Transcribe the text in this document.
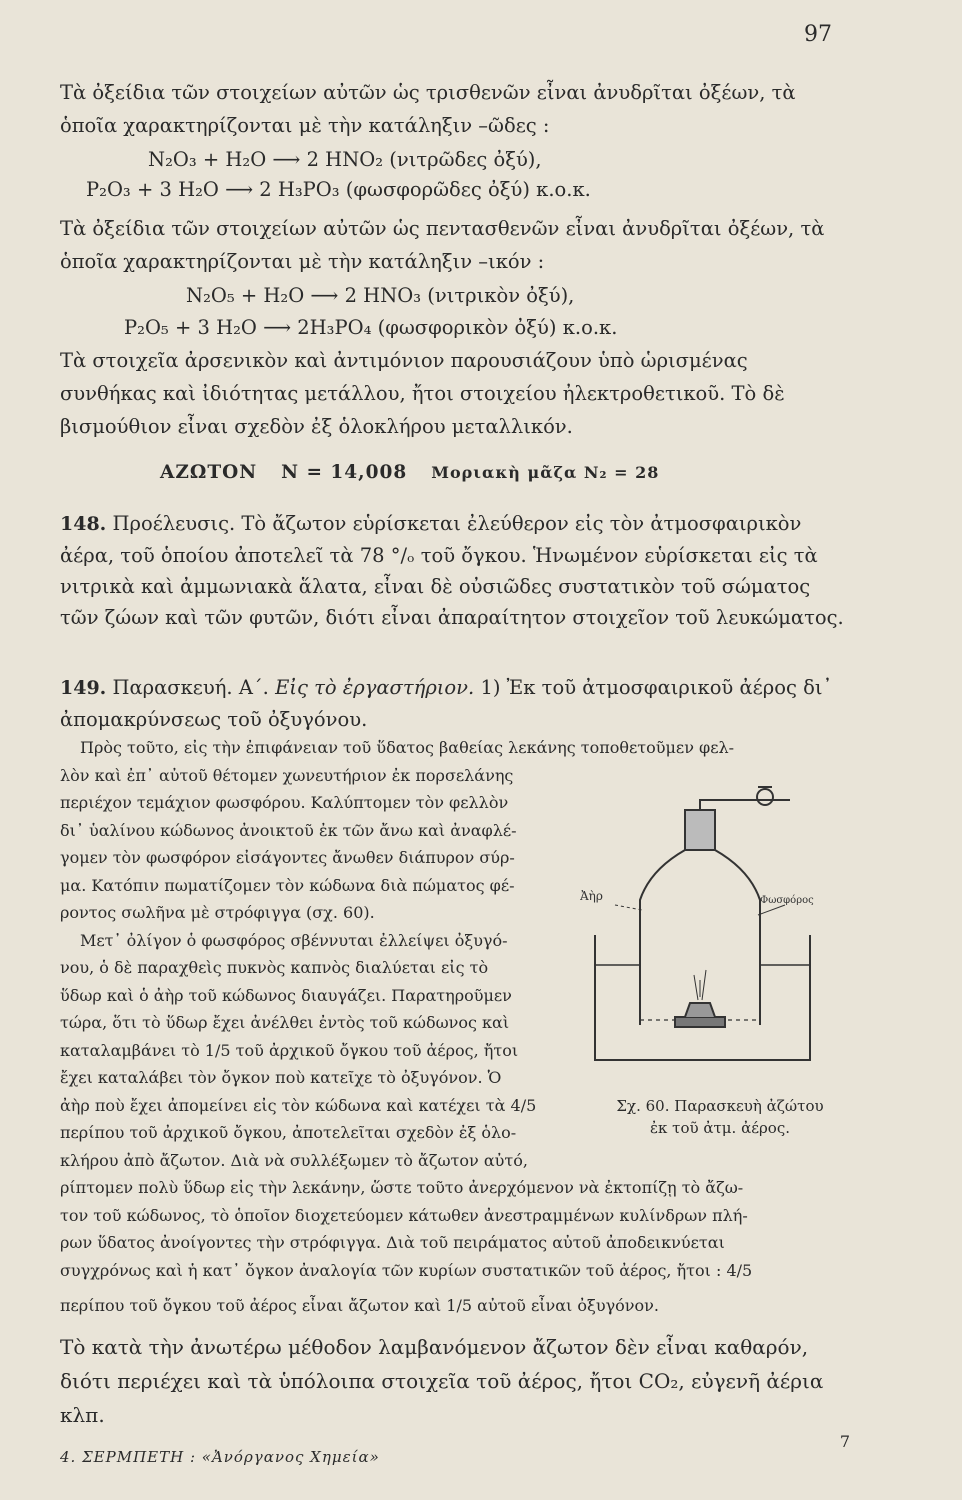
97

Τὰ ὀξείδια τῶν στοιχείων αὐτῶν ὡς τρισθενῶν εἶναι ἀνυδρῖται ὀξέων, τὰ ὁποῖα χαρακτηρίζονται μὲ τὴν κατάληξιν –ῶδες :

N₂O₃ + H₂O ⟶ 2 HNO₂ (νιτρῶδες ὀξύ),

P₂O₃ + 3 H₂O ⟶ 2 H₃PO₃ (φωσφορῶδες ὀξύ) κ.ο.κ.

Τὰ ὀξείδια τῶν στοιχείων αὐτῶν ὡς πεντασθενῶν εἶναι ἀνυδρῖται ὀξέων, τὰ ὁποῖα χαρακτηρίζονται μὲ τὴν κατάληξιν –ικόν :

N₂O₅ + H₂O ⟶ 2 HNO₃ (νιτρικὸν ὀξύ),

P₂O₅ + 3 H₂O ⟶ 2H₃PO₄ (φωσφορικὸν ὀξύ) κ.ο.κ.

Τὰ στοιχεῖα ἀρσενικὸν καὶ ἀντιμόνιον παρουσιάζουν ὑπὸ ὡρισμένας συνθήκας καὶ ἰδιότητας μετάλλου, ἤτοι στοιχείου ἠλεκτροθετικοῦ. Τὸ δὲ βισμούθιον εἶναι σχεδὸν ἐξ ὁλοκλήρου μεταλλικόν.

ΑΖΩΤΟΝ N = 14,008 Μοριακὴ μᾶζα N₂ = 28

148. Προέλευσις. Τὸ ἄζωτον εὑρίσκεται ἐλεύθερον εἰς τὸν ἀτμοσφαιρικὸν ἀέρα, τοῦ ὁποίου ἀποτελεῖ τὰ 78 °/ₒ τοῦ ὄγκου. Ἡνωμένον εὑρίσκεται εἰς τὰ νιτρικὰ καὶ ἀμμωνιακὰ ἅλατα, εἶναι δὲ οὐσιῶδες συστατικὸν τοῦ σώματος τῶν ζώων καὶ τῶν φυτῶν, διότι εἶναι ἀπαραίτητον στοιχεῖον τοῦ λευκώματος.

149. Παρασκευή. Α΄. Εἰς τὸ ἐργαστήριον. 1) Ἐκ τοῦ ἀτμοσφαιρικοῦ ἀέρος δι᾽ ἀπομακρύνσεως τοῦ ὀξυγόνου.

Πρὸς τοῦτο, εἰς τὴν ἐπιφάνειαν τοῦ ὕδατος βαθείας λεκάνης τοποθετοῦμεν φελ-
λὸν καὶ ἐπ᾽ αὐτοῦ θέτομεν χωνευτήριον ἐκ πορσελάνης
περιέχον τεμάχιον φωσφόρου. Καλύπτομεν τὸν φελλὸν
δι᾽ ὑαλίνου κώδωνος ἀνοικτοῦ ἐκ τῶν ἄνω καὶ ἀναφλέ-
γομεν τὸν φωσφόρον εἰσάγοντες ἄνωθεν διάπυρον σύρ-
μα. Κατόπιν πωματίζομεν τὸν κώδωνα διὰ πώματος φέ-
ροντος σωλῆνα μὲ στρόφιγγα (σχ. 60).
Μετ᾽ ὀλίγον ὁ φωσφόρος σβέννυται ἐλλείψει ὀξυγό-
νου, ὁ δὲ παραχθεὶς πυκνὸς καπνὸς διαλύεται εἰς τὸ
ὕδωρ καὶ ὁ ἀὴρ τοῦ κώδωνος διαυγάζει. Παρατηροῦμεν
τώρα, ὅτι τὸ ὕδωρ ἔχει ἀνέλθει ἐντὸς τοῦ κώδωνος καὶ
καταλαμβάνει τὸ 1/5 τοῦ ἀρχικοῦ ὄγκου τοῦ ἀέρος, ἤτοι
ἔχει καταλάβει τὸν ὄγκον ποὺ κατεῖχε τὸ ὀξυγόνον. Ὁ
ἀὴρ ποὺ ἔχει ἀπομείνει εἰς τὸν κώδωνα καὶ κατέχει τὰ 4/5
περίπου τοῦ ἀρχικοῦ ὄγκου, ἀποτελεῖται σχεδὸν ἐξ ὁλο-
κλήρου ἀπὸ ἄζωτον. Διὰ νὰ συλλέξωμεν τὸ ἄζωτον αὐτό,
ρίπτομεν πολὺ ὕδωρ εἰς τὴν λεκάνην, ὥστε τοῦτο ἀνερχόμενον νὰ ἐκτοπίζῃ τὸ ἄζω-
τον τοῦ κώδωνος, τὸ ὁποῖον διοχετεύομεν κάτωθεν ἀνεστραμμένων κυλίνδρων πλή-
ρων ὕδατος ἀνοίγοντες τὴν στρόφιγγα. Διὰ τοῦ πειράματος αὐτοῦ ἀποδεικνύεται
συγχρόνως καὶ ἡ κατ᾽ ὄγκον ἀναλογία τῶν κυρίων συστατικῶν τοῦ ἀέρος, ἤτοι : 4/5
περίπου τοῦ ὄγκου τοῦ ἀέρος εἶναι ἄζωτον καὶ 1/5 αὐτοῦ εἶναι ὀξυγόνον.

Τὸ κατὰ τὴν ἀνωτέρω μέθοδον λαμβανόμενον ἄζωτον δὲν εἶναι καθαρόν, διότι περιέχει καὶ τὰ ὑπόλοιπα στοιχεῖα τοῦ ἀέρος, ἤτοι CO₂, εὐγενῆ ἀέρια κλπ.

Ἀὴρ	Φωσφόρος
Σχ. 60. Παρασκευὴ ἀζώτου
ἐκ τοῦ ἀτμ. ἀέρος.
4. ΣΕΡΜΠΕΤΗ : «Ἀνόργανος Χημεία»
7
